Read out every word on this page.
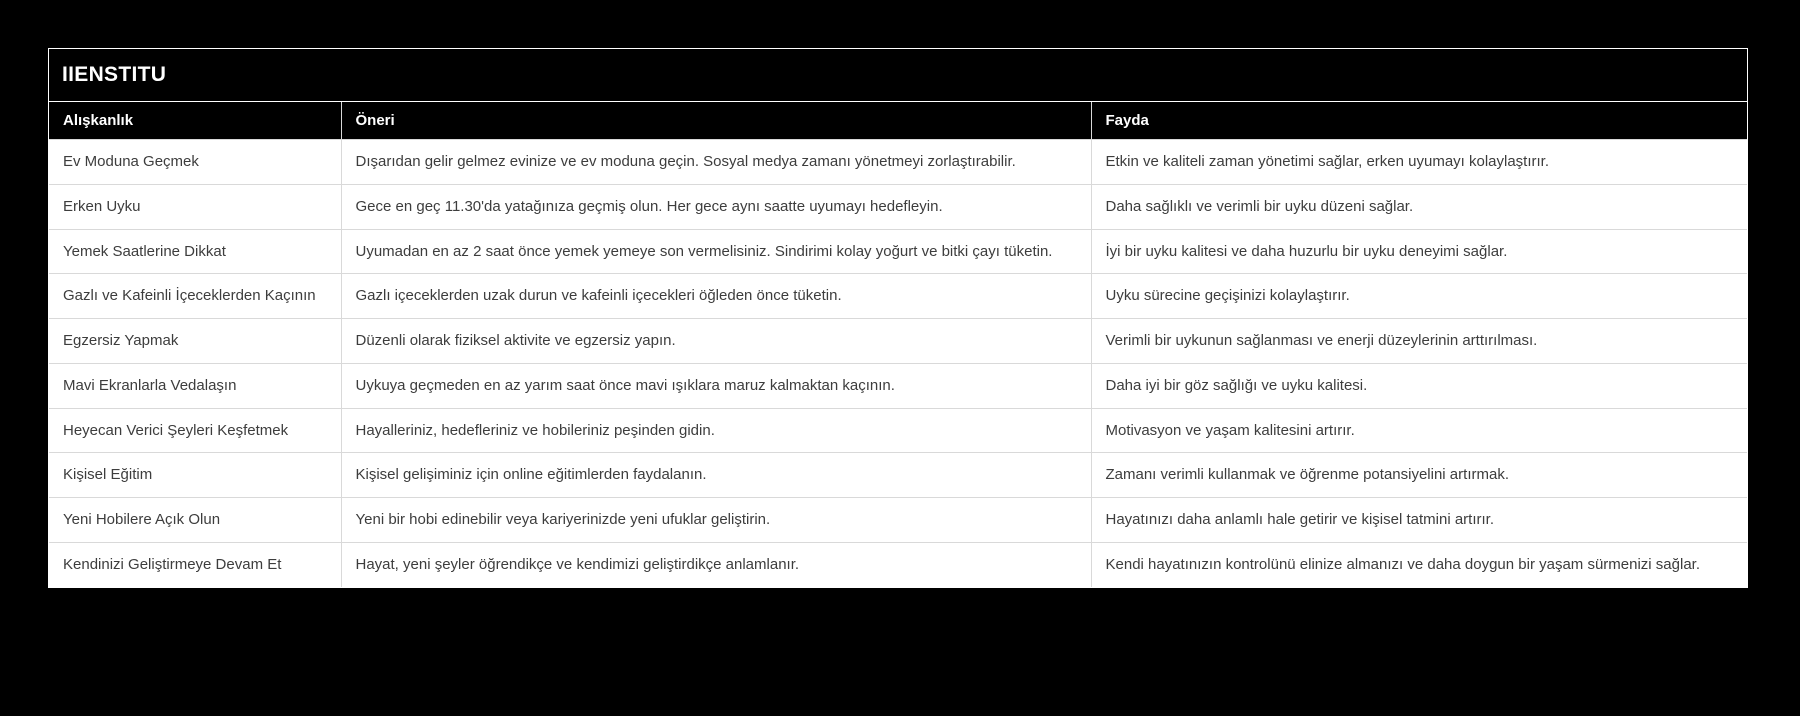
IIENSTITU
Alışkanlık	Öneri	Fayda
Ev Moduna Geçmek	Dışarıdan gelir gelmez evinize ve ev moduna geçin. Sosyal medya zamanı yönetmeyi zorlaştırabilir.	Etkin ve kaliteli zaman yönetimi sağlar, erken uyumayı kolaylaştırır.
Erken Uyku	Gece en geç 11.30'da yatağınıza geçmiş olun. Her gece aynı saatte uyumayı hedefleyin.	Daha sağlıklı ve verimli bir uyku düzeni sağlar.
Yemek Saatlerine Dikkat	Uyumadan en az 2 saat önce yemek yemeye son vermelisiniz. Sindirimi kolay yoğurt ve bitki çayı tüketin.	İyi bir uyku kalitesi ve daha huzurlu bir uyku deneyimi sağlar.
Gazlı ve Kafeinli İçeceklerden Kaçının	Gazlı içeceklerden uzak durun ve kafeinli içecekleri öğleden önce tüketin.	Uyku sürecine geçişinizi kolaylaştırır.
Egzersiz Yapmak	Düzenli olarak fiziksel aktivite ve egzersiz yapın.	Verimli bir uykunun sağlanması ve enerji düzeylerinin arttırılması.
Mavi Ekranlarla Vedalaşın	Uykuya geçmeden en az yarım saat önce mavi ışıklara maruz kalmaktan kaçının.	Daha iyi bir göz sağlığı ve uyku kalitesi.
Heyecan Verici Şeyleri Keşfetmek	Hayalleriniz, hedefleriniz ve hobileriniz peşinden gidin.	Motivasyon ve yaşam kalitesini artırır.
Kişisel Eğitim	Kişisel gelişiminiz için online eğitimlerden faydalanın.	Zamanı verimli kullanmak ve öğrenme potansiyelini artırmak.
Yeni Hobilere Açık Olun	Yeni bir hobi edinebilir veya kariyerinizde yeni ufuklar geliştirin.	Hayatınızı daha anlamlı hale getirir ve kişisel tatmini artırır.
Kendinizi Geliştirmeye Devam Et	Hayat, yeni şeyler öğrendikçe ve kendimizi geliştirdikçe anlamlanır.	Kendi hayatınızın kontrolünü elinize almanızı ve daha doygun bir yaşam sürmenizi sağlar.
